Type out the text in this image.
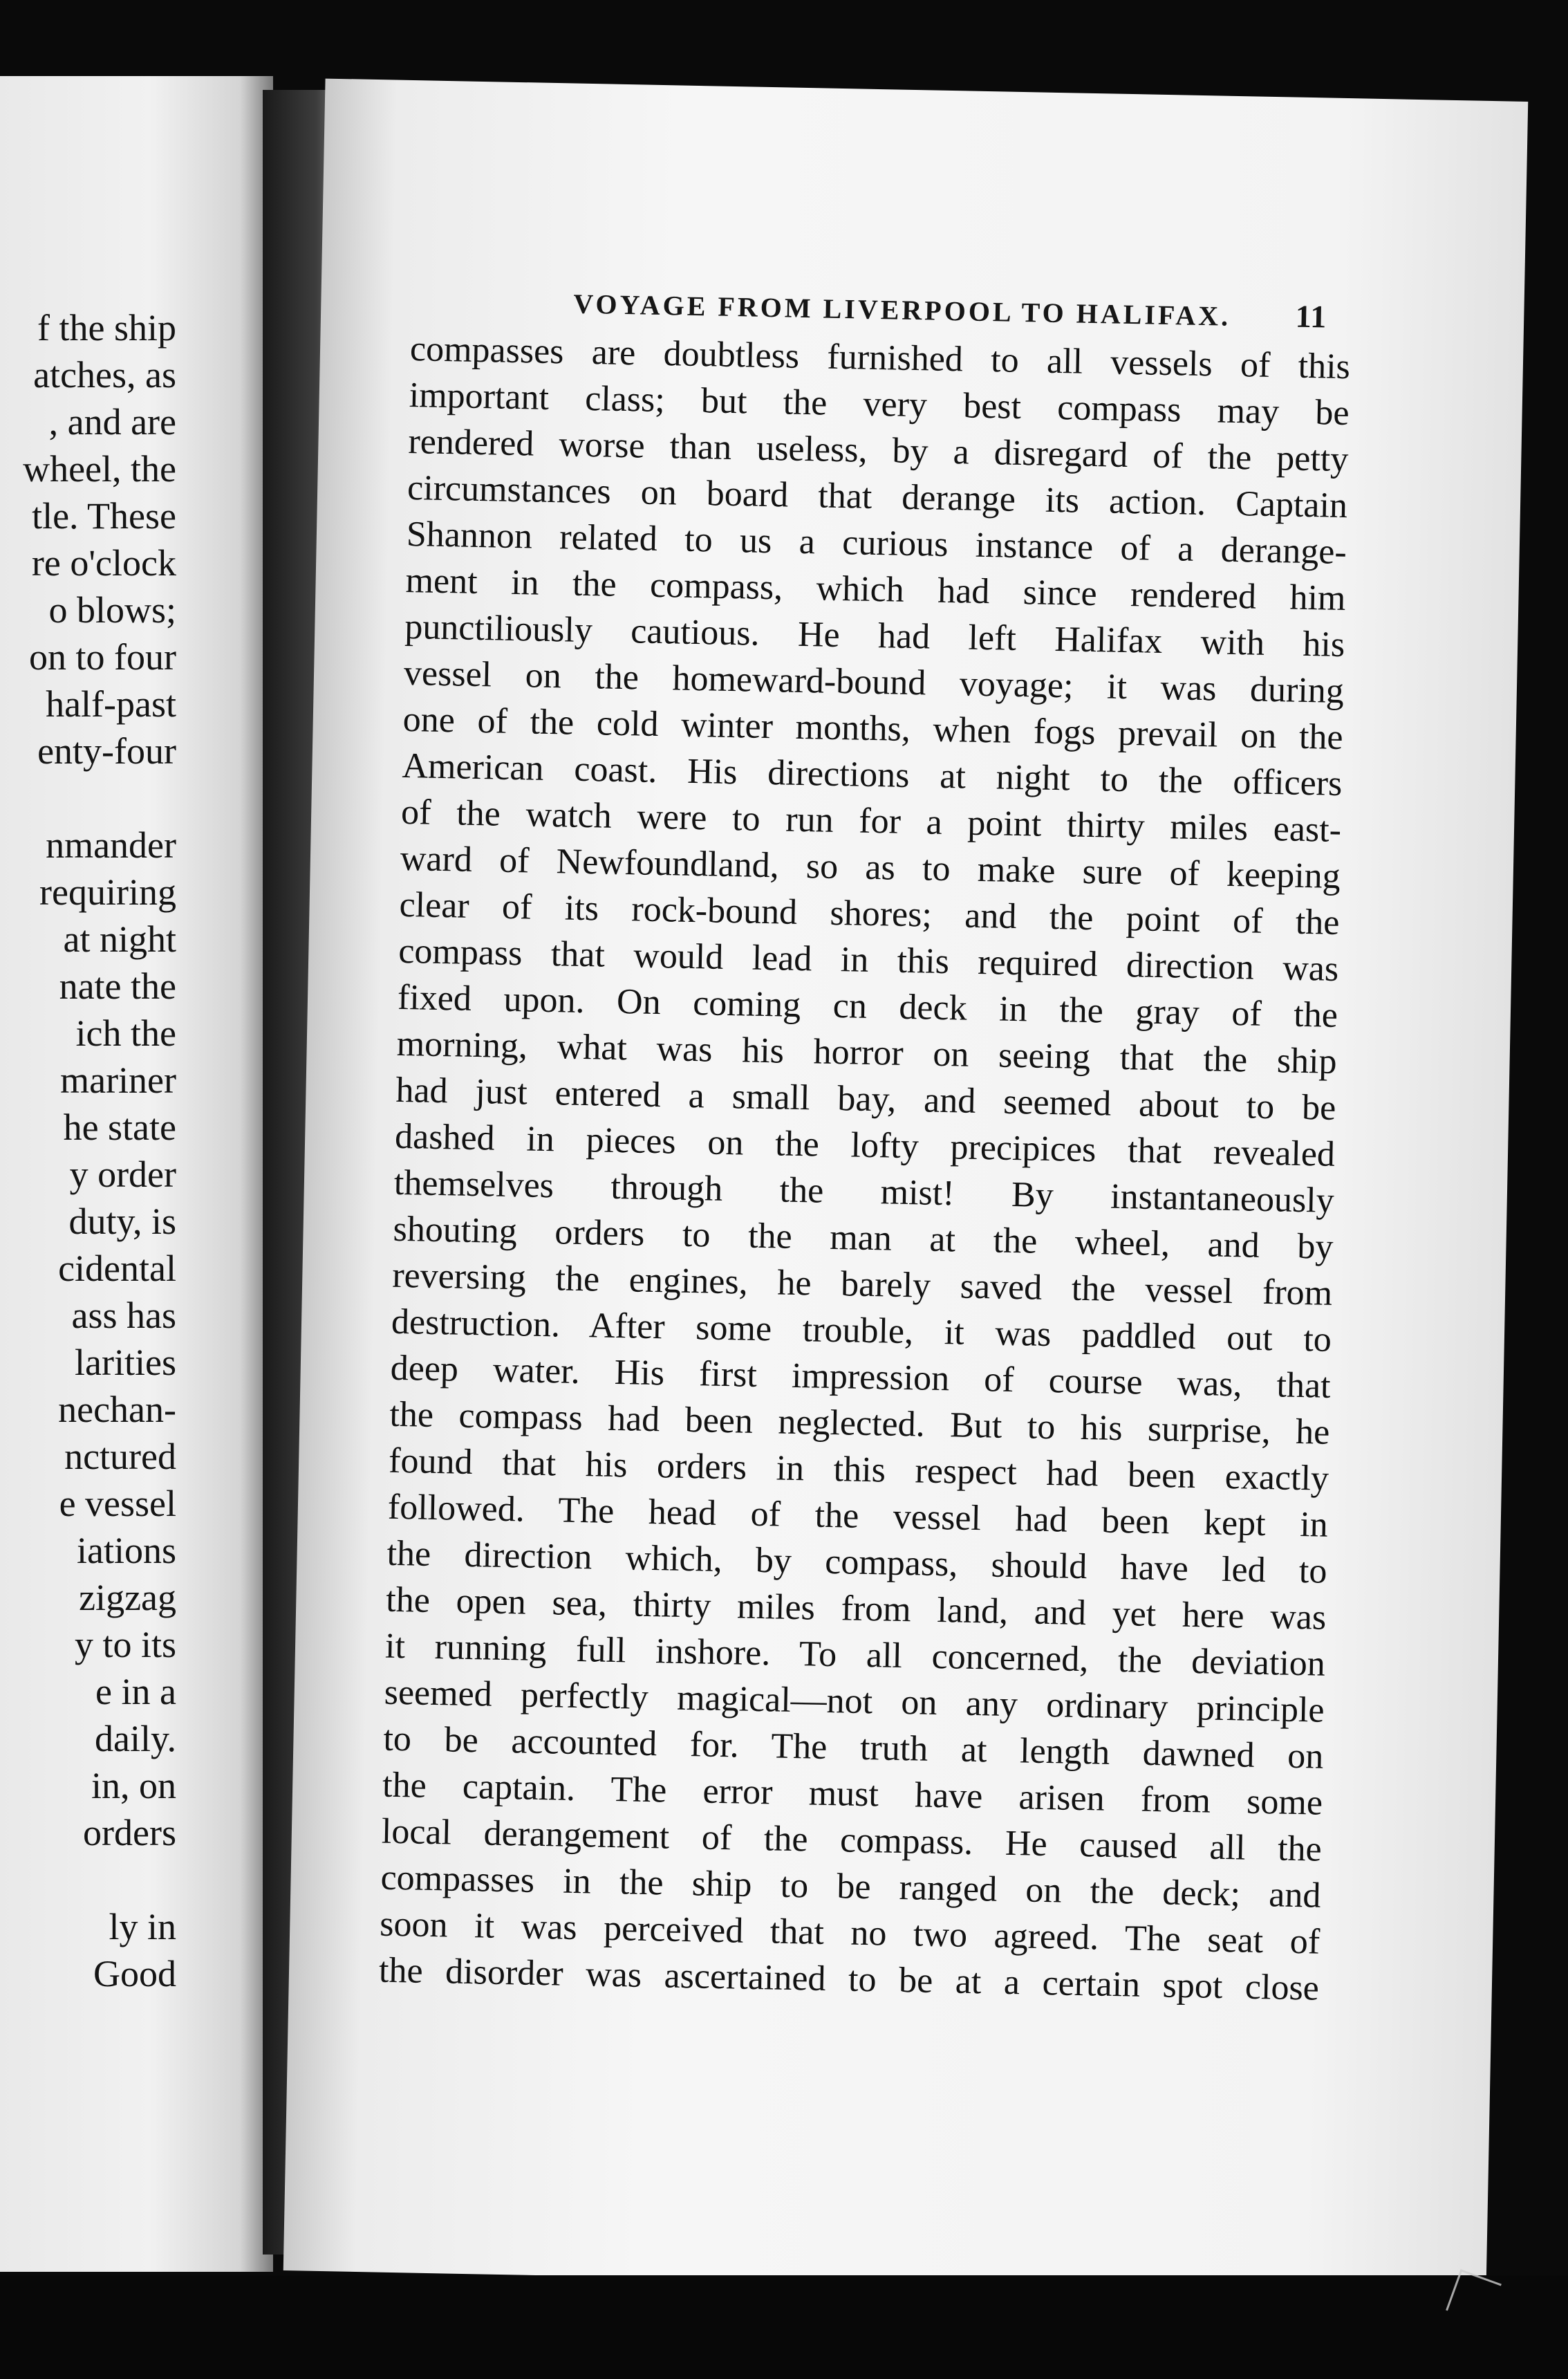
f the ship
atches, as
, and are
wheel, the
tle. These
re o'clock
o blows;
on to four
half-past
enty-four
nmander
requiring
at night
nate the
ich the
mariner
he state
y order
duty, is
cidental
ass has
larities
nechan-
nctured
e vessel
iations
zigzag
y to its
e in a
daily.
in, on
orders
ly in
Good
VOYAGE FROM LIVERPOOL TO HALIFAX. 11
compasses are doubtless furnished to all vessels of this
important class; but the very best compass may be
rendered worse than useless, by a disregard of the petty
circumstances on board that derange its action. Captain
Shannon related to us a curious instance of a derange-
ment in the compass, which had since rendered him
punctiliously cautious. He had left Halifax with his
vessel on the homeward-bound voyage; it was during
one of the cold winter months, when fogs prevail on the
American coast. His directions at night to the officers
of the watch were to run for a point thirty miles east-
ward of Newfoundland, so as to make sure of keeping
clear of its rock-bound shores; and the point of the
compass that would lead in this required direction was
fixed upon. On coming cn deck in the gray of the
morning, what was his horror on seeing that the ship
had just entered a small bay, and seemed about to be
dashed in pieces on the lofty precipices that revealed
themselves through the mist! By instantaneously
shouting orders to the man at the wheel, and by
reversing the engines, he barely saved the vessel from
destruction. After some trouble, it was paddled out to
deep water. His first impression of course was, that
the compass had been neglected. But to his surprise, he
found that his orders in this respect had been exactly
followed. The head of the vessel had been kept in
the direction which, by compass, should have led to
the open sea, thirty miles from land, and yet here was
it running full inshore. To all concerned, the deviation
seemed perfectly magical—not on any ordinary principle
to be accounted for. The truth at length dawned on
the captain. The error must have arisen from some
local derangement of the compass. He caused all the
compasses in the ship to be ranged on the deck; and
soon it was perceived that no two agreed. The seat of
the disorder was ascertained to be at a certain spot close
